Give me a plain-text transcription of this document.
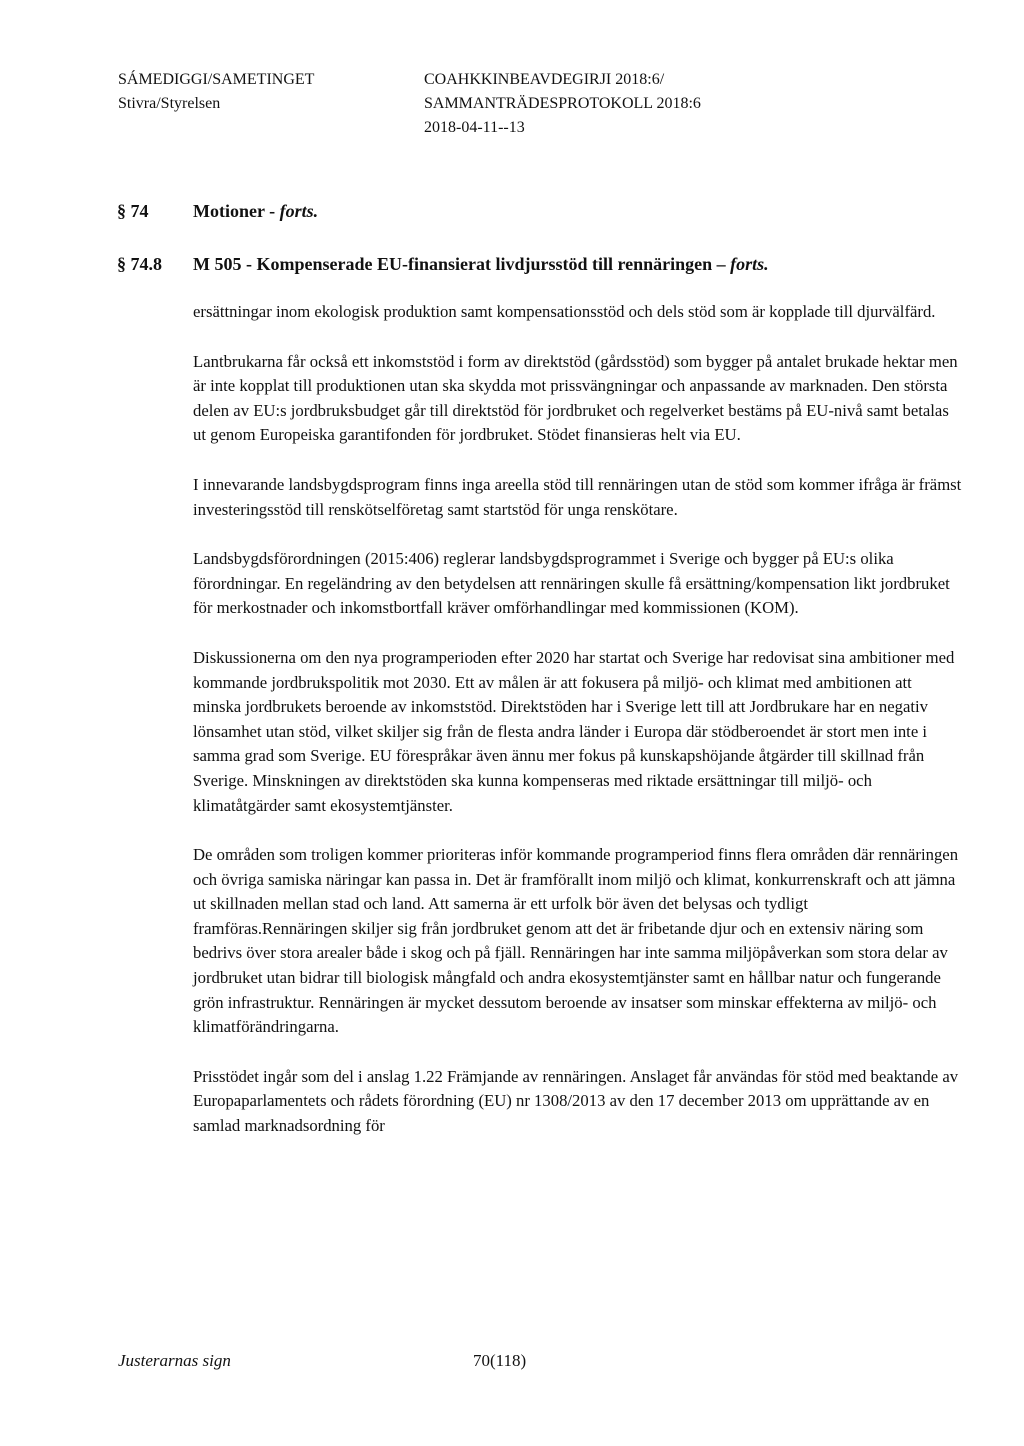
SÁMEDIGGI/SAMETINGET
Stivra/Styrelsen
COAHKKINBEAVDEGIRJI 2018:6/
SAMMANTRÄDESPROTOKOLL 2018:6
2018-04-11--13
§ 74 Motioner - forts.
§ 74.8 M 505 - Kompenserade EU-finansierat livdjursstöd till rennäringen – forts.

ersättningar inom ekologisk produktion samt kompensationsstöd och dels stöd som är kopplade till djurvälfärd.

Lantbrukarna får också ett inkomststöd i form av direktstöd (gårdsstöd) som bygger på antalet brukade hektar men är inte kopplat till produktionen utan ska skydda mot prissvängningar och anpassande av marknaden. Den största delen av EU:s jordbruksbudget går till direktstöd för jordbruket och regelverket bestäms på EU-nivå samt betalas ut genom Europeiska garantifonden för jordbruket. Stödet finansieras helt via EU.

I innevarande landsbygdsprogram finns inga areella stöd till rennäringen utan de stöd som kommer ifråga är främst investeringsstöd till renskötselföretag samt startstöd för unga renskötare.

Landsbygdsförordningen (2015:406) reglerar landsbygdsprogrammet i Sverige och bygger på EU:s olika förordningar. En regeländring av den betydelsen att rennäringen skulle få ersättning/kompensation likt jordbruket för merkostnader och inkomstbortfall kräver omförhandlingar med kommissionen (KOM).

Diskussionerna om den nya programperioden efter 2020 har startat och Sverige har redovisat sina ambitioner med kommande jordbrukspolitik mot 2030. Ett av målen är att fokusera på miljö- och klimat med ambitionen att minska jordbrukets beroende av inkomststöd. Direktstöden har i Sverige lett till att Jordbrukare har en negativ lönsamhet utan stöd, vilket skiljer sig från de flesta andra länder i Europa där stödberoendet är stort men inte i samma grad som Sverige. EU förespråkar även ännu mer fokus på kunskapshöjande åtgärder till skillnad från Sverige. Minskningen av direktstöden ska kunna kompenseras med riktade ersättningar till miljö- och klimatåtgärder samt ekosystemtjänster.

De områden som troligen kommer prioriteras inför kommande programperiod finns flera områden där rennäringen och övriga samiska näringar kan passa in. Det är framförallt inom miljö och klimat, konkurrenskraft och att jämna ut skillnaden mellan stad och land. Att samerna är ett urfolk bör även det belysas och tydligt framföras.Rennäringen skiljer sig från jordbruket genom att det är fribetande djur och en extensiv näring som bedrivs över stora arealer både i skog och på fjäll. Rennäringen har inte samma miljöpåverkan som stora delar av jordbruket utan bidrar till biologisk mångfald och andra ekosystemtjänster samt en hållbar natur och fungerande grön infrastruktur. Rennäringen är mycket dessutom beroende av insatser som minskar effekterna av miljö- och klimatförändringarna.

Prisstödet ingår som del i anslag 1.22 Främjande av rennäringen. Anslaget får användas för stöd med beaktande av Europaparlamentets och rådets förordning (EU) nr 1308/2013 av den 17 december 2013 om upprättande av en samlad marknadsordning för

Justerarnas sign	70(118)
